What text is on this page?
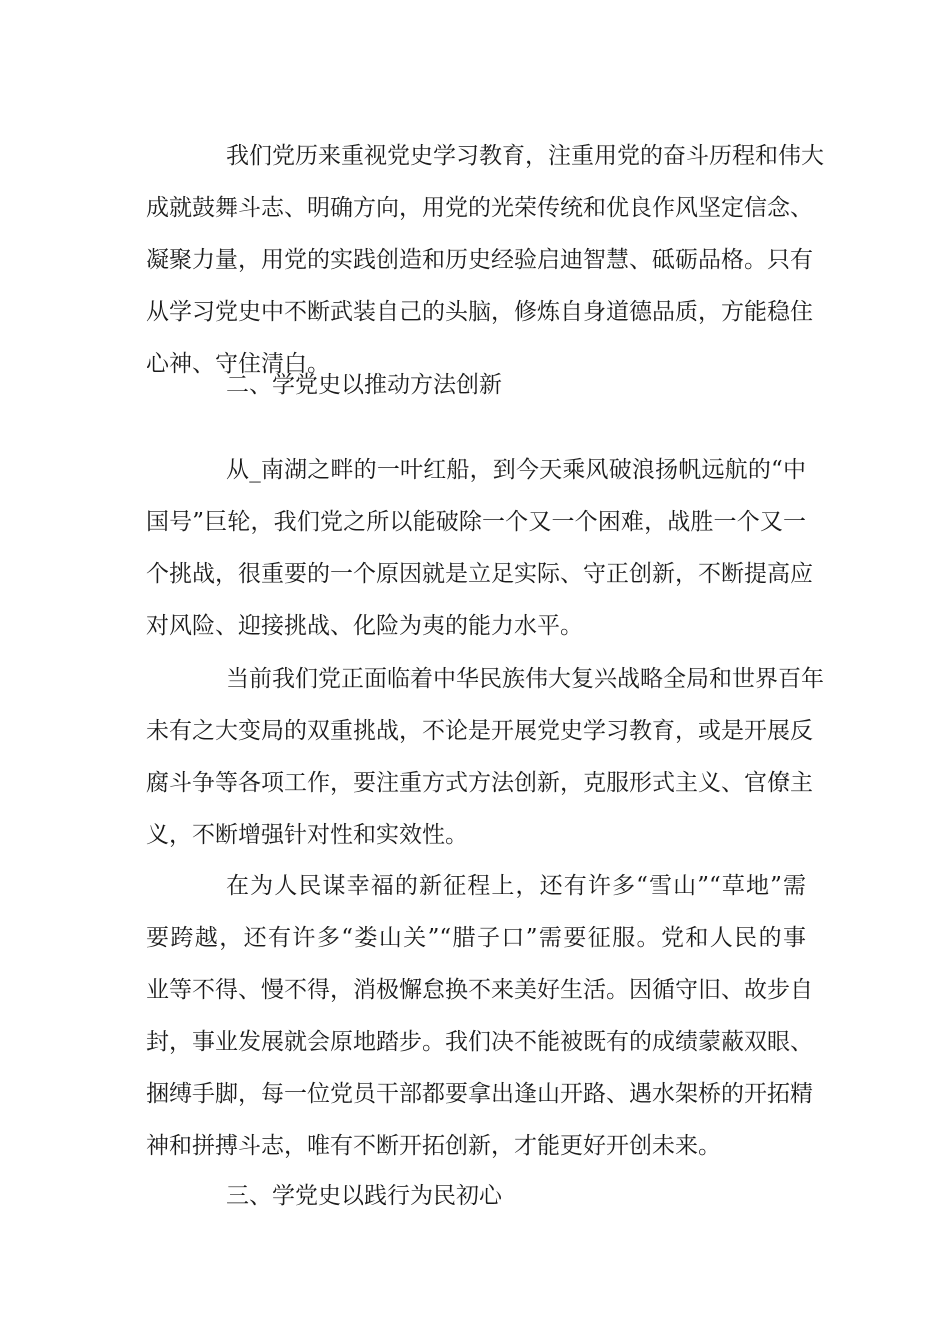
我们党历来重视党史学习教育，注重用党的奋斗历程和伟大
成就鼓舞斗志、明确方向，用党的光荣传统和优良作风坚定信念、
凝聚力量，用党的实践创造和历史经验启迪智慧、砥砺品格。只有
从学习党史中不断武装自己的头脑，修炼自身道德品质，方能稳住
心神、守住清白。
二、学党史以推动方法创新
从_南湖之畔的一叶红船，到今天乘风破浪扬帆远航的“中
国号”巨轮，我们党之所以能破除一个又一个困难，战胜一个又一
个挑战，很重要的一个原因就是立足实际、守正创新，不断提高应
对风险、迎接挑战、化险为夷的能力水平。
当前我们党正面临着中华民族伟大复兴战略全局和世界百年
未有之大变局的双重挑战，不论是开展党史学习教育，或是开展反
腐斗争等各项工作，要注重方式方法创新，克服形式主义、官僚主
义，不断增强针对性和实效性。
在为人民谋幸福的新征程上，还有许多“雪山”“草地”需
要跨越，还有许多“娄山关”“腊子口”需要征服。党和人民的事
业等不得、慢不得，消极懈怠换不来美好生活。因循守旧、故步自
封，事业发展就会原地踏步。我们决不能被既有的成绩蒙蔽双眼、
捆缚手脚，每一位党员干部都要拿出逢山开路、遇水架桥的开拓精
神和拼搏斗志，唯有不断开拓创新，才能更好开创未来。
三、学党史以践行为民初心
